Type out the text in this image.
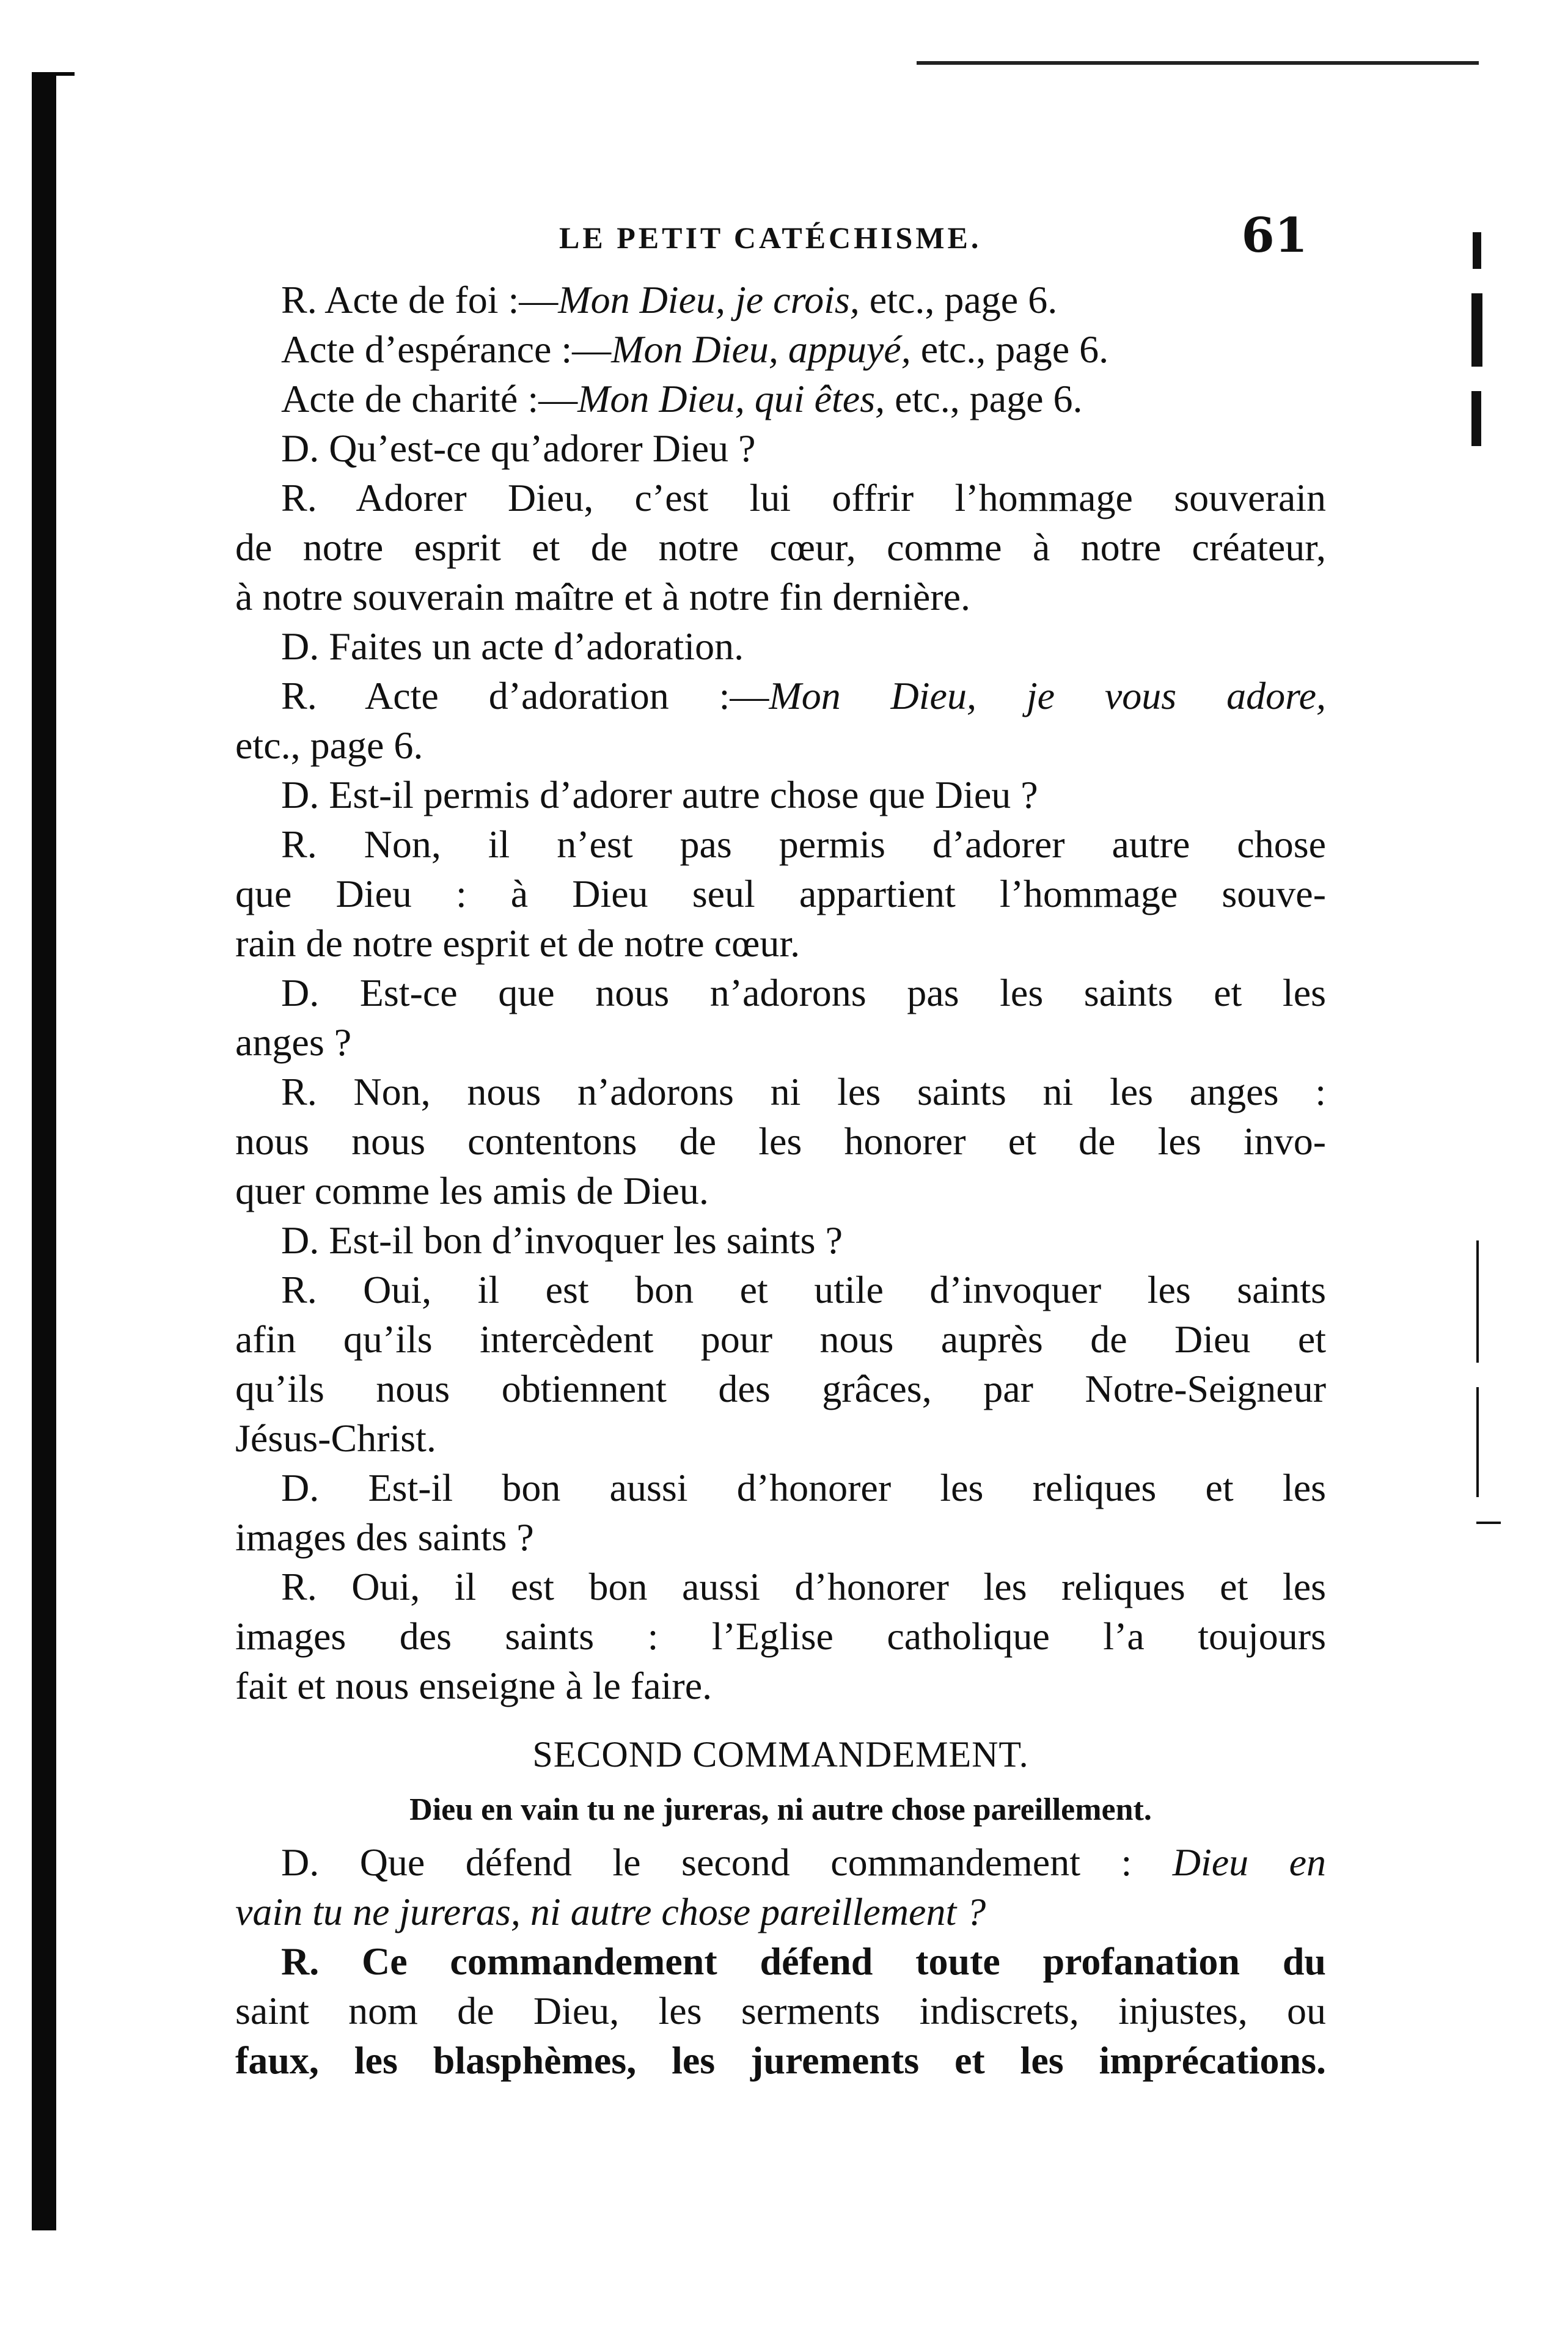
LE PETIT CATÉCHISME.	61
R. Acte de foi :—Mon Dieu, je crois, etc., page 6.
Acte d’espérance :—Mon Dieu, appuyé, etc., page 6.
Acte de charité :—Mon Dieu, qui êtes, etc., page 6.
D. Qu’est-ce qu’adorer Dieu ?
R. Adorer Dieu, c’est lui offrir l’hommage souverain
de notre esprit et de notre cœur, comme à notre créateur,
à notre souverain maître et à notre fin dernière.
D. Faites un acte d’adoration.
R. Acte d’adoration :—Mon Dieu, je vous adore,
etc., page 6.
D. Est-il permis d’adorer autre chose que Dieu ?
R. Non, il n’est pas permis d’adorer autre chose
que Dieu : à Dieu seul appartient l’hommage souve-
rain de notre esprit et de notre cœur.
D. Est-ce que nous n’adorons pas les saints et les
anges ?
R. Non, nous n’adorons ni les saints ni les anges :
nous nous contentons de les honorer et de les invo-
quer comme les amis de Dieu.
D. Est-il bon d’invoquer les saints ?
R. Oui, il est bon et utile d’invoquer les saints
afin qu’ils intercèdent pour nous auprès de Dieu et
qu’ils nous obtiennent des grâces, par Notre-Seigneur
Jésus-Christ.
D. Est-il bon aussi d’honorer les reliques et les
images des saints ?
R. Oui, il est bon aussi d’honorer les reliques et les
images des saints : l’Eglise catholique l’a toujours
fait et nous enseigne à le faire.
SECOND COMMANDEMENT.
Dieu en vain tu ne jureras, ni autre chose pareillement.
D. Que défend le second commandement : Dieu en
vain tu ne jureras, ni autre chose pareillement ?
R. Ce commandement défend toute profanation du
saint nom de Dieu, les serments indiscrets, injustes, ou
faux, les blasphèmes, les jurements et les imprécations.
